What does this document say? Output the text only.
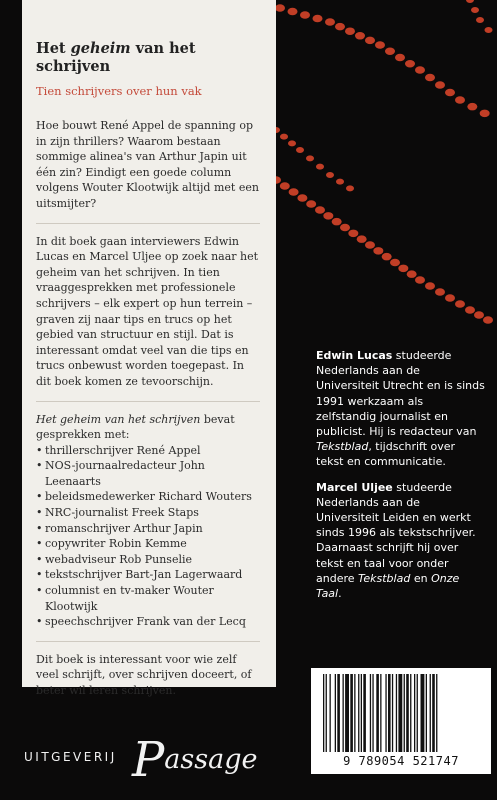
Het geheim van het schrijven
Tien schrijvers over hun vak

Hoe bouwt René Appel de spanning op in zijn thrillers? Waarom bestaan sommige alinea's van Arthur Japin uit één zin? Eindigt een goede column volgens Wouter Klootwijk altijd met een uitsmijter?

In dit boek gaan interviewers Edwin Lucas en Marcel Uljee op zoek naar het geheim van het schrijven. In tien vraaggesprekken met professionele schrijvers – elk expert op hun terrein – graven zij naar tips en trucs op het gebied van structuur en stijl. Dat is interessant omdat veel van die tips en trucs onbewust worden toegepast. In dit boek komen ze tevoorschijn.

Het geheim van het schrijven bevat gesprekken met:

• thrillerschrijver René Appel
• NOS-journaalredacteur John Leenaarts
• beleidsmedewerker Richard Wouters
• NRC-journalist Freek Staps
• romanschrijver Arthur Japin
• copywriter Robin Kemme
• webadviseur Rob Punselie
• tekstschrijver Bart-Jan Lagerwaard
• columnist en tv-maker Wouter Klootwijk
• speechschrijver Frank van der Lecq

Dit boek is interessant voor wie zelf veel schrijft, over schrijven doceert, of beter wil leren schrijven.

Edwin Lucas studeerde Nederlands aan de Universiteit Utrecht en is sinds 1991 werkzaam als zelfstandig journalist en publicist. Hij is redacteur van Tekstblad, tijdschrift over tekst en communicatie.

Marcel Uljee studeerde Nederlands aan de Universiteit Leiden en werkt sinds 1996 als tekstschrijver. Daarnaast schrijft hij over tekst en taal voor onder andere Tekstblad en Onze Taal.

UITGEVERIJ Passage	9 789054 521747
